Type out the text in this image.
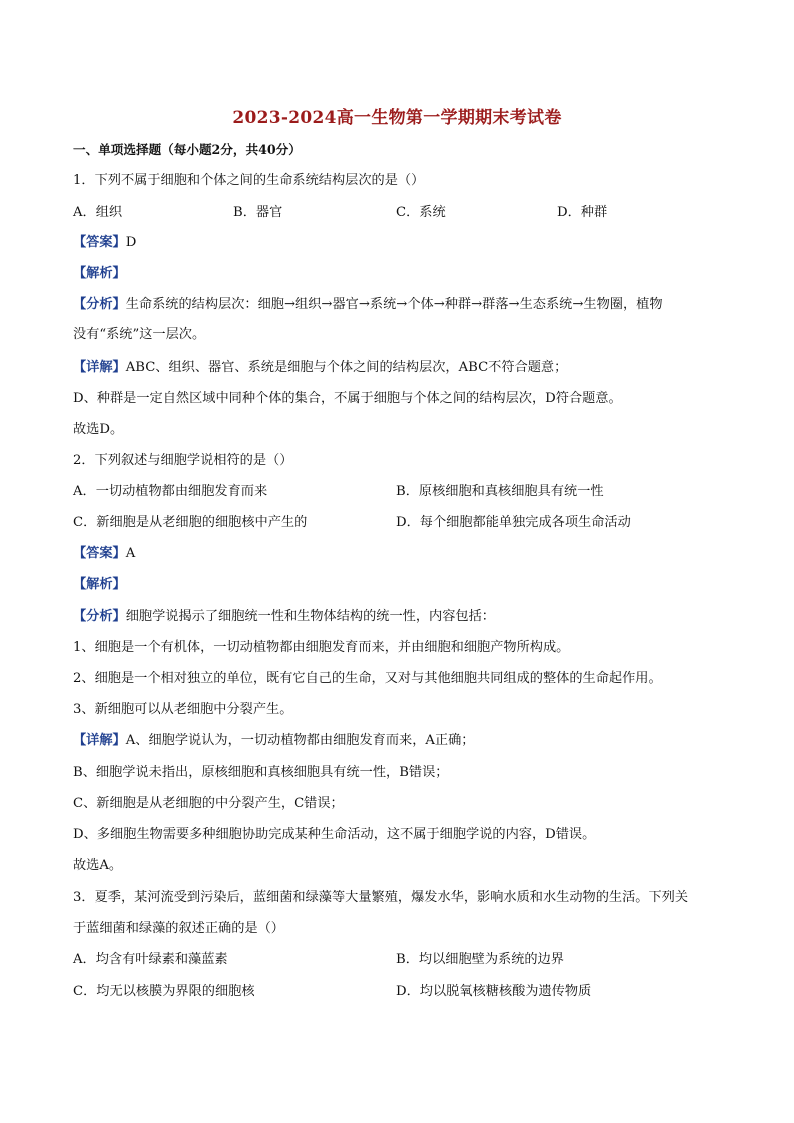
2023-2024高一生物第一学期期末考试卷
一、单项选择题（每小题2分，共40分）
1．下列不属于细胞和个体之间的生命系统结构层次的是（）
A．组织	B．器官	C．系统	D．种群
【答案】D
【解析】
【分析】生命系统的结构层次：细胞→组织→器官→系统→个体→种群→群落→生态系统→生物圈，植物
没有“系统”这一层次。
【详解】ABC、组织、器官、系统是细胞与个体之间的结构层次，ABC不符合题意；
D、种群是一定自然区域中同种个体的集合，不属于细胞与个体之间的结构层次，D符合题意。
故选D。
2．下列叙述与细胞学说相符的是（）
A．一切动植物都由细胞发育而来	B．原核细胞和真核细胞具有统一性
C．新细胞是从老细胞的细胞核中产生的	D．每个细胞都能单独完成各项生命活动
【答案】A
【解析】
【分析】细胞学说揭示了细胞统一性和生物体结构的统一性，内容包括：
1、细胞是一个有机体，一切动植物都由细胞发育而来，并由细胞和细胞产物所构成。
2、细胞是一个相对独立的单位，既有它自己的生命，又对与其他细胞共同组成的整体的生命起作用。
3、新细胞可以从老细胞中分裂产生。
【详解】A、细胞学说认为，一切动植物都由细胞发育而来，A正确；
B、细胞学说未指出，原核细胞和真核细胞具有统一性，B错误；
C、新细胞是从老细胞的中分裂产生，C错误；
D、多细胞生物需要多种细胞协助完成某种生命活动，这不属于细胞学说的内容，D错误。
故选A。
3．夏季，某河流受到污染后，蓝细菌和绿藻等大量繁殖，爆发水华，影响水质和水生动物的生活。下列关
于蓝细菌和绿藻的叙述正确的是（）
A．均含有叶绿素和藻蓝素	B．均以细胞壁为系统的边界
C．均无以核膜为界限的细胞核	D．均以脱氧核糖核酸为遗传物质
